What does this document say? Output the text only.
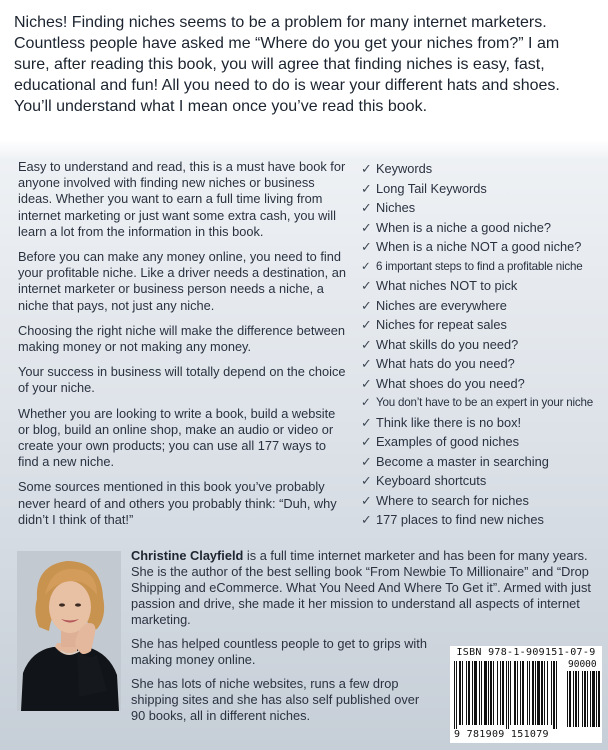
Niches! Finding niches seems to be a problem for many internet marketers. Countless people have asked me “Where do you get your niches from?” I am sure, after reading this book, you will agree that finding niches is easy, fast, educational and fun! All you need to do is wear your different hats and shoes. You’ll understand what I mean once you’ve read this book.

Easy to understand and read, this is a must have book for anyone involved with finding new niches or business ideas. Whether you want to earn a full time living from internet marketing or just want some extra cash, you will learn a lot from the information in this book.

Before you can make any money online, you need to find your profitable niche. Like a driver needs a destination, an internet marketer or business person needs a niche, a niche that pays, not just any niche.

Choosing the right niche will make the difference between making money or not making any money.

Your success in business will totally depend on the choice of your niche.

Whether you are looking to write a book, build a website or blog, build an online shop, make an audio or video or create your own products; you can use all 177 ways to find a new niche.

Some sources mentioned in this book you’ve probably never heard of and others you probably think: “Duh, why didn’t I think of that!”

✓ Keywords
✓ Long Tail Keywords
✓ Niches
✓ When is a niche a good niche?
✓ When is a niche NOT a good niche?
✓ 6 important steps to find a profitable niche
✓ What niches NOT to pick
✓ Niches are everywhere
✓ Niches for repeat sales
✓ What skills do you need?
✓ What hats do you need?
✓ What shoes do you need?
✓ You don’t have to be an expert in your niche
✓ Think like there is no box!
✓ Examples of good niches
✓ Become a master in searching
✓ Keyboard shortcuts
✓ Where to search for niches
✓ 177 places to find new niches

Christine Clayfield is a full time internet marketer and has been for many years. She is the author of the best selling book “From Newbie To Millionaire” and “Drop Shipping and eCommerce. What You Need And Where To Get it”. Armed with just passion and drive, she made it her mission to understand all aspects of internet marketing.

She has helped countless people to get to grips with making money online.

She has lots of niche websites, runs a few drop shipping sites and she has also self published over 90 books, all in different niches.

ISBN 978-1-909151-07-9
90000
9 781909 151079
